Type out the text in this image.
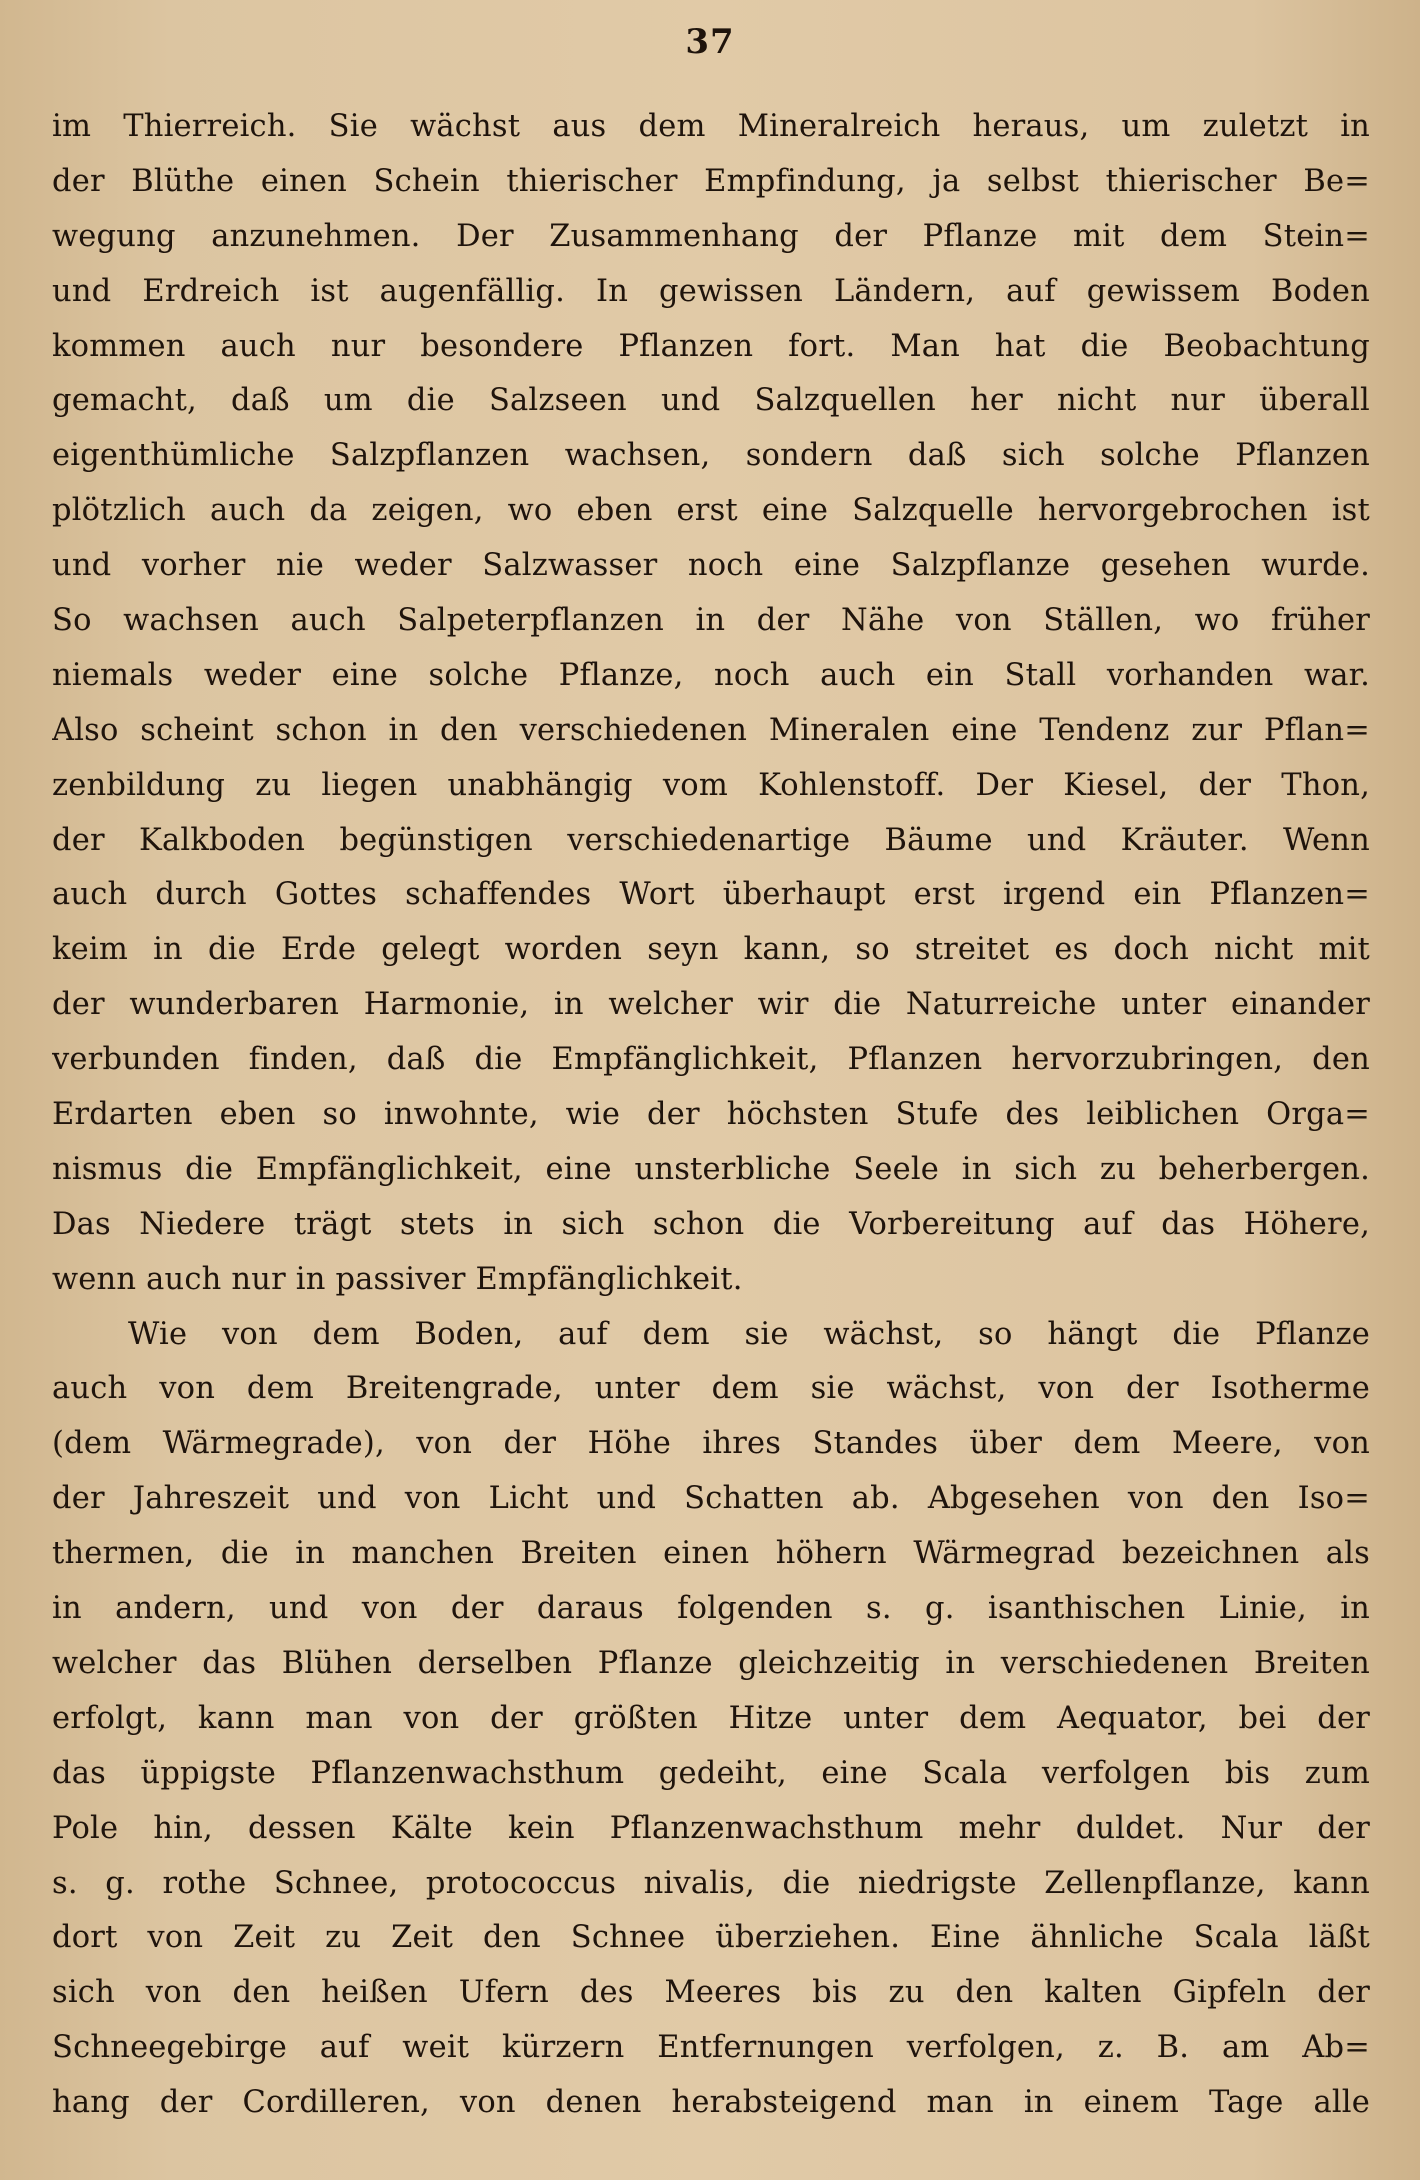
37
im Thierreich. Sie wächst aus dem Mineralreich heraus, um zuletzt in
der Blüthe einen Schein thierischer Empfindung, ja selbst thierischer Be=
wegung anzunehmen. Der Zusammenhang der Pflanze mit dem Stein=
und Erdreich ist augenfällig. In gewissen Ländern, auf gewissem Boden
kommen auch nur besondere Pflanzen fort. Man hat die Beobachtung
gemacht, daß um die Salzseen und Salzquellen her nicht nur überall
eigenthümliche Salzpflanzen wachsen, sondern daß sich solche Pflanzen
plötzlich auch da zeigen, wo eben erst eine Salzquelle hervorgebrochen ist
und vorher nie weder Salzwasser noch eine Salzpflanze gesehen wurde.
So wachsen auch Salpeterpflanzen in der Nähe von Ställen, wo früher
niemals weder eine solche Pflanze, noch auch ein Stall vorhanden war.
Also scheint schon in den verschiedenen Mineralen eine Tendenz zur Pflan=
zenbildung zu liegen unabhängig vom Kohlenstoff. Der Kiesel, der Thon,
der Kalkboden begünstigen verschiedenartige Bäume und Kräuter. Wenn
auch durch Gottes schaffendes Wort überhaupt erst irgend ein Pflanzen=
keim in die Erde gelegt worden seyn kann, so streitet es doch nicht mit
der wunderbaren Harmonie, in welcher wir die Naturreiche unter einander
verbunden finden, daß die Empfänglichkeit, Pflanzen hervorzubringen, den
Erdarten eben so inwohnte, wie der höchsten Stufe des leiblichen Orga=
nismus die Empfänglichkeit, eine unsterbliche Seele in sich zu beherbergen.
Das Niedere trägt stets in sich schon die Vorbereitung auf das Höhere,
wenn auch nur in passiver Empfänglichkeit.
Wie von dem Boden, auf dem sie wächst, so hängt die Pflanze
auch von dem Breitengrade, unter dem sie wächst, von der Isotherme
(dem Wärmegrade), von der Höhe ihres Standes über dem Meere, von
der Jahreszeit und von Licht und Schatten ab. Abgesehen von den Iso=
thermen, die in manchen Breiten einen höhern Wärmegrad bezeichnen als
in andern, und von der daraus folgenden s. g. isanthischen Linie, in
welcher das Blühen derselben Pflanze gleichzeitig in verschiedenen Breiten
erfolgt, kann man von der größten Hitze unter dem Aequator, bei der
das üppigste Pflanzenwachsthum gedeiht, eine Scala verfolgen bis zum
Pole hin, dessen Kälte kein Pflanzenwachsthum mehr duldet. Nur der
s. g. rothe Schnee, protococcus nivalis, die niedrigste Zellenpflanze, kann
dort von Zeit zu Zeit den Schnee überziehen. Eine ähnliche Scala läßt
sich von den heißen Ufern des Meeres bis zu den kalten Gipfeln der
Schneegebirge auf weit kürzern Entfernungen verfolgen, z. B. am Ab=
hang der Cordilleren, von denen herabsteigend man in einem Tage alle
